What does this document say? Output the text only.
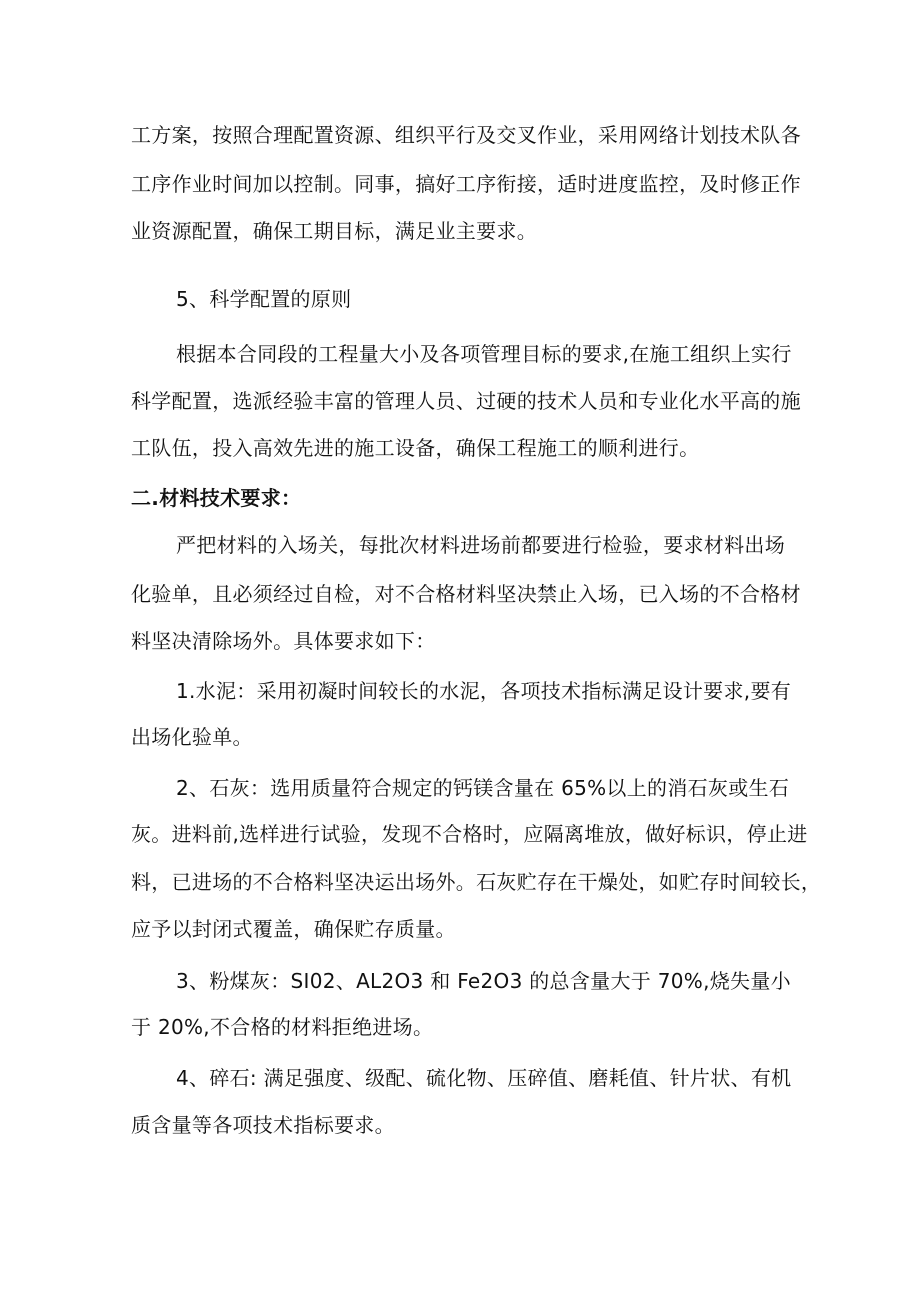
工方案，按照合理配置资源、组织平行及交叉作业，采用网络计划技术队各
工序作业时间加以控制。同事，搞好工序衔接，适时进度监控，及时修正作
业资源配置，确保工期目标，满足业主要求。
5、科学配置的原则
根据本合同段的工程量大小及各项管理目标的要求,在施工组织上实行
科学配置，选派经验丰富的管理人员、过硬的技术人员和专业化水平高的施
工队伍，投入高效先进的施工设备，确保工程施工的顺利进行。
二.材料技术要求：
严把材料的入场关，每批次材料进场前都要进行检验，要求材料出场
化验单，且必须经过自检，对不合格材料坚决禁止入场，已入场的不合格材
料坚决清除场外。具体要求如下：
1.水泥：采用初凝时间较长的水泥，各项技术指标满足设计要求,要有
出场化验单。
2、石灰：选用质量符合规定的钙镁含量在 65%以上的消石灰或生石
灰。进料前,选样进行试验，发现不合格时，应隔离堆放，做好标识，停止进
料，已进场的不合格料坚决运出场外。石灰贮存在干燥处，如贮存时间较长，
应予以封闭式覆盖，确保贮存质量。
3、粉煤灰：SI02、AL2O3 和 Fe2O3 的总含量大于 70%,烧失量小
于 20%,不合格的材料拒绝进场。
4、碎石: 满足强度、级配、硫化物、压碎值、磨耗值、针片状、有机
质含量等各项技术指标要求。
